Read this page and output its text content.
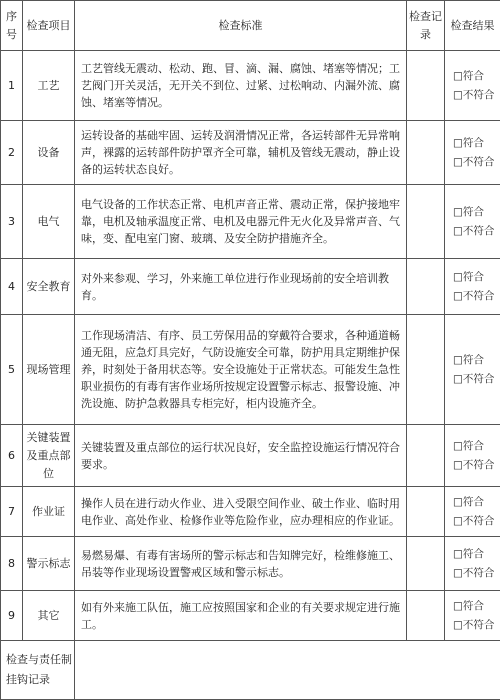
序号	检查项目	检查标准	检查记录	检查结果
1	工艺	工艺管线无震动、松动、跑、冒、滴、漏、腐蚀、堵塞等情况；工艺阀门开关灵活，无开关不到位、过紧、过松响动、内漏外流、腐蚀、堵塞等情况。		□符合
□不符合

2	设备	运转设备的基础牢固、运转及润滑情况正常，各运转部件无异常响声，裸露的运转部件防护罩齐全可靠，辅机及管线无震动，静止设备的运转状态良好。		□符合
□不符合

3	电气	电气设备的工作状态正常、电机声音正常、震动正常，保护接地牢靠，电机及轴承温度正常、电机及电器元件无火化及异常声音、气味，变、配电室门窗、玻璃、及安全防护措施齐全。		□符合
□不符合

4	安全教育	对外来参观、学习，外来施工单位进行作业现场前的安全培训教育。		□符合
□不符合

5	现场管理	工作现场清洁、有序、员工劳保用品的穿戴符合要求，各种通道畅通无阻，应急灯具完好，气防设施安全可靠，防护用具定期维护保养，时刻处于备用状态等。安全设施处于正常状态。可能发生急性职业损伤的有毒有害作业场所按规定设置警示标志、报警设施、冲洗设施、防护急救器具专柜完好，柜内设施齐全。		□符合
□不符合

6	关键装置及重点部位	关键装置及重点部位的运行状况良好，安全监控设施运行情况符合要求。		□符合
□不符合

7	作业证	操作人员在进行动火作业、进入受限空间作业、破土作业、临时用电作业、高处作业、检修作业等危险作业，应办理相应的作业证。		□符合
□不符合

8	警示标志	易燃易爆、有毒有害场所的警示标志和告知牌完好，检维修施工、吊装等作业现场设置警戒区域和警示标志。		□符合
□不符合

9	其它	如有外来施工队伍，施工应按照国家和企业的有关要求规定进行施工。		□符合
□不符合

检查与责任制挂钩记录				
